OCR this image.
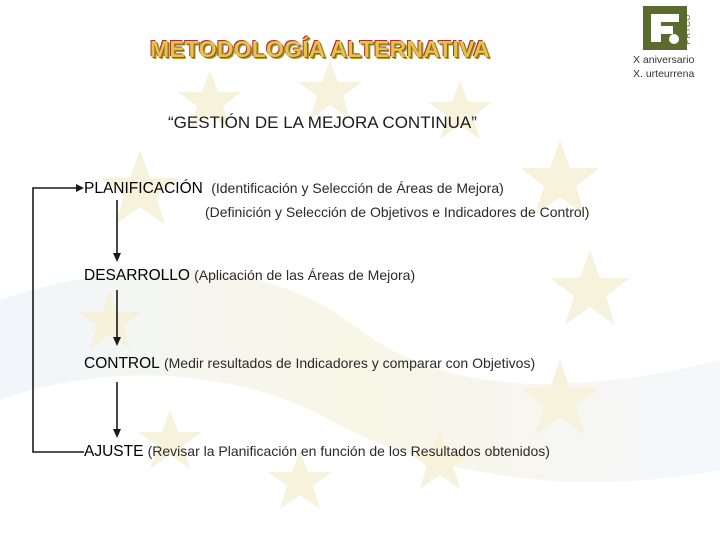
METODOLOGÍA ALTERNATIVA
“GESTIÓN DE LA MEJORA CONTINUA”
PRTCO
X aniversario
X. urteurrena
PLANIFICACIÓN (Identificación y Selección de Áreas de Mejora)
(Definición y Selección de Objetivos e Indicadores de Control)
DESARROLLO (Aplicación de las Áreas de Mejora)
CONTROL (Medir resultados de Indicadores y comparar con Objetivos)
AJUSTE (Revisar la Planificación en función de los Resultados obtenidos)
